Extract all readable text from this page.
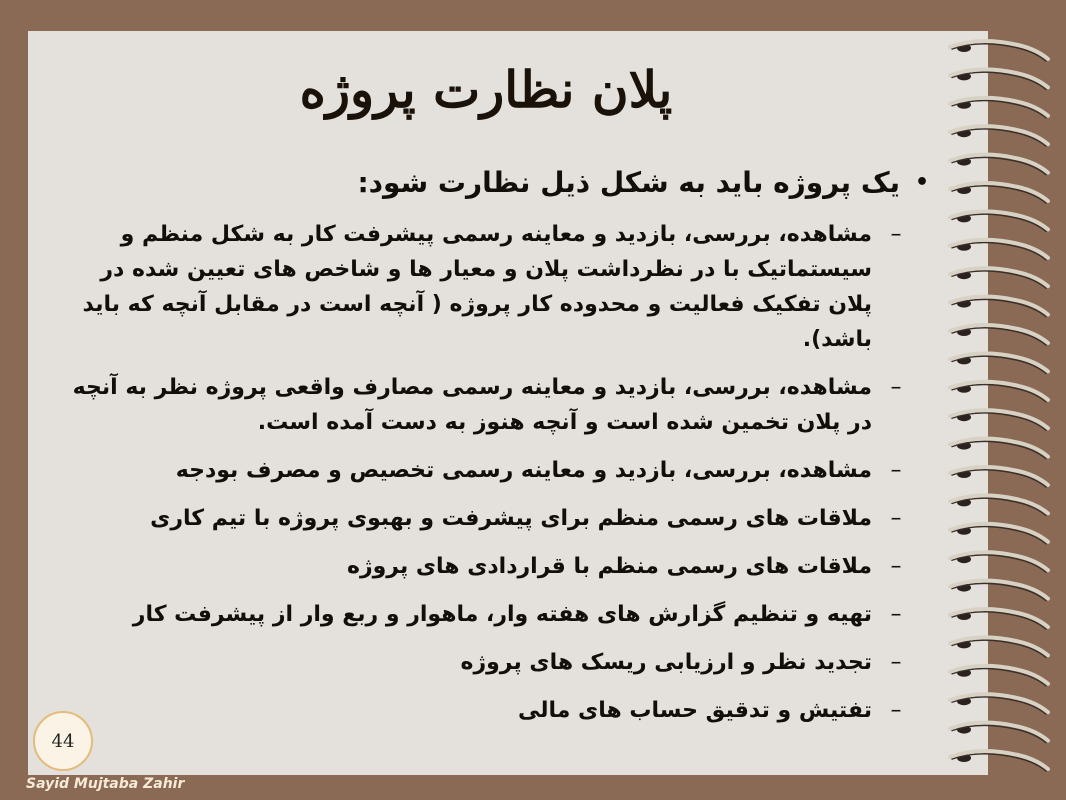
پلان نظارت پروژه
•
یک پروژه باید به شکل ذیل نظارت شود:
–
مشاهده، بررسی، بازدید و معاینه رسمی پیشرفت کار به شکل منظم و سیستماتیک با در نظرداشت پلان و معیار ها و شاخص های تعیین شده در پلان تفکیک فعالیت و محدوده کار پروژه ( آنچه است در مقابل آنچه که باید باشد).
–
مشاهده، بررسی، بازدید و معاینه رسمی مصارف واقعی پروژه نظر به آنچه در پلان تخمین شده است و آنچه هنوز به دست آمده است.
–
مشاهده، بررسی، بازدید و معاینه رسمی تخصیص و مصرف بودجه
–
ملاقات های رسمی منظم برای پیشرفت و بهبوی پروژه با تیم کاری
–
ملاقات های رسمی منظم با قراردادی های پروژه
–
تهیه و تنظیم گزارش های هفته وار، ماهوار و ربع وار از پیشرفت کار
–
تجدید نظر و ارزیابی ریسک های پروژه
–
تفتیش و تدقیق حساب های مالی
44
Sayid Mujtaba Zahir
